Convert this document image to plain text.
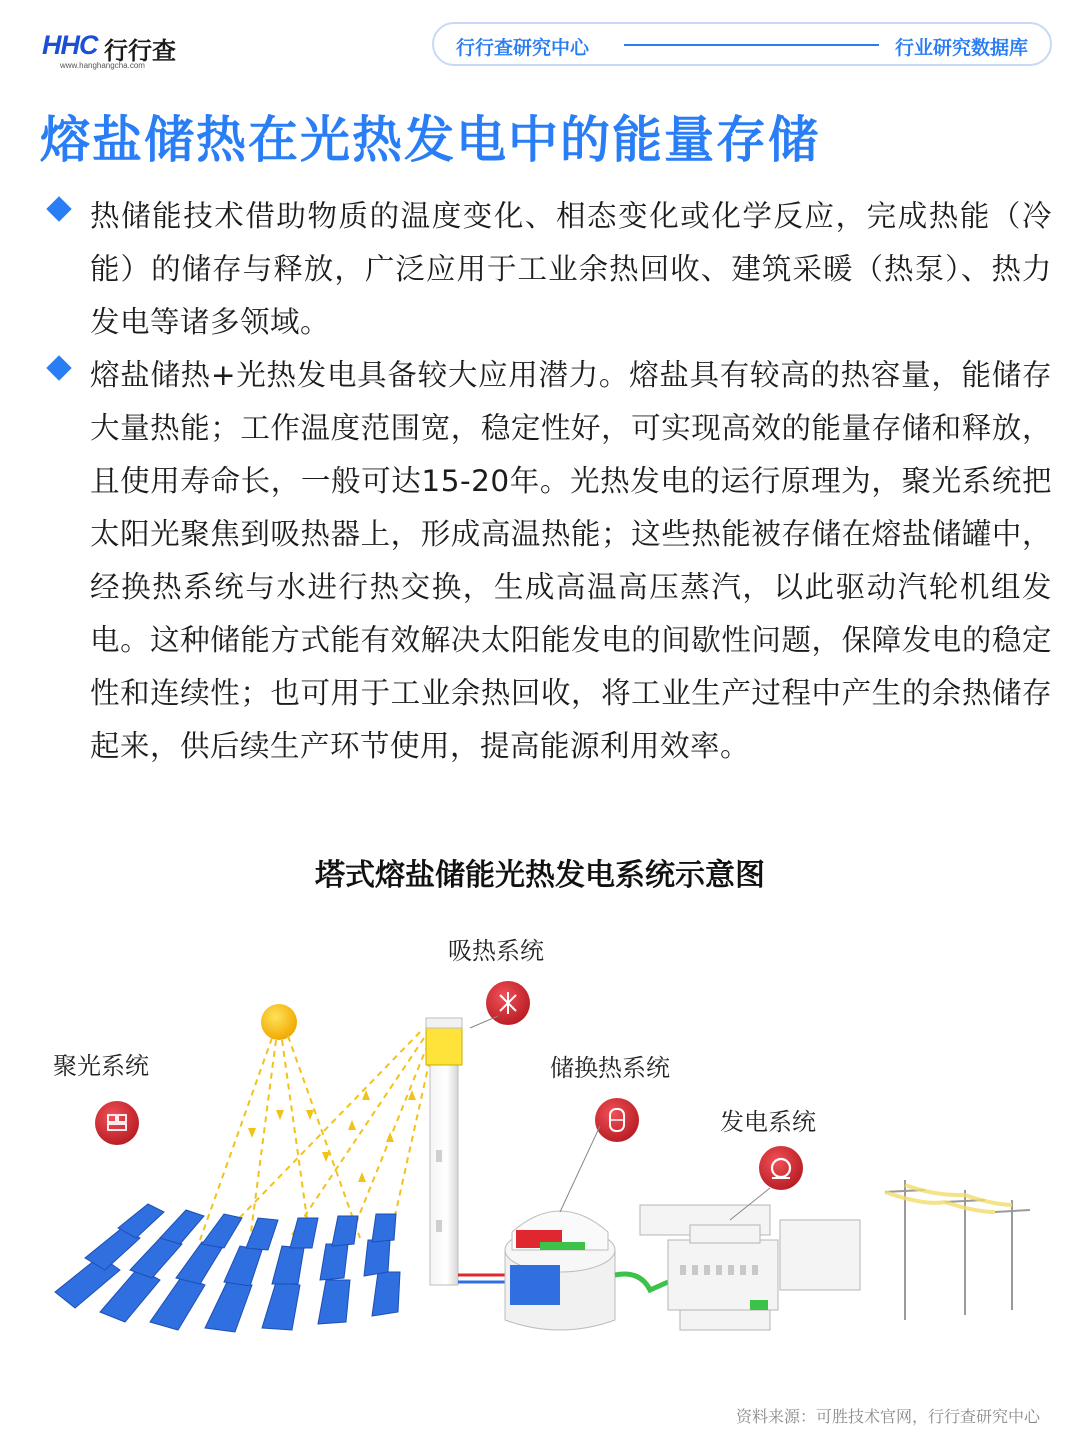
HHC 行行查
www.hanghangcha.com
行行查研究中心	行业研究数据库
熔盐储热在光热发电中的能量存储
热储能技术借助物质的温度变化、相态变化或化学反应，完成热能（冷能）的储存与释放，广泛应用于工业余热回收、建筑采暖（热泵）、热力发电等诸多领域。
熔盐储热+光热发电具备较大应用潜力。熔盐具有较高的热容量，能储存大量热能；工作温度范围宽，稳定性好，可实现高效的能量存储和释放，且使用寿命长，一般可达15-20年。光热发电的运行原理为，聚光系统把太阳光聚焦到吸热器上，形成高温热能；这些热能被存储在熔盐储罐中，经换热系统与水进行热交换，生成高温高压蒸汽，以此驱动汽轮机组发电。这种储能方式能有效解决太阳能发电的间歇性问题，保障发电的稳定性和连续性；也可用于工业余热回收，将工业生产过程中产生的余热储存起来，供后续生产环节使用，提高能源利用效率。
塔式熔盐储能光热发电系统示意图
聚光系统
吸热系统
储换热系统
发电系统
资料来源：可胜技术官网，行行查研究中心
